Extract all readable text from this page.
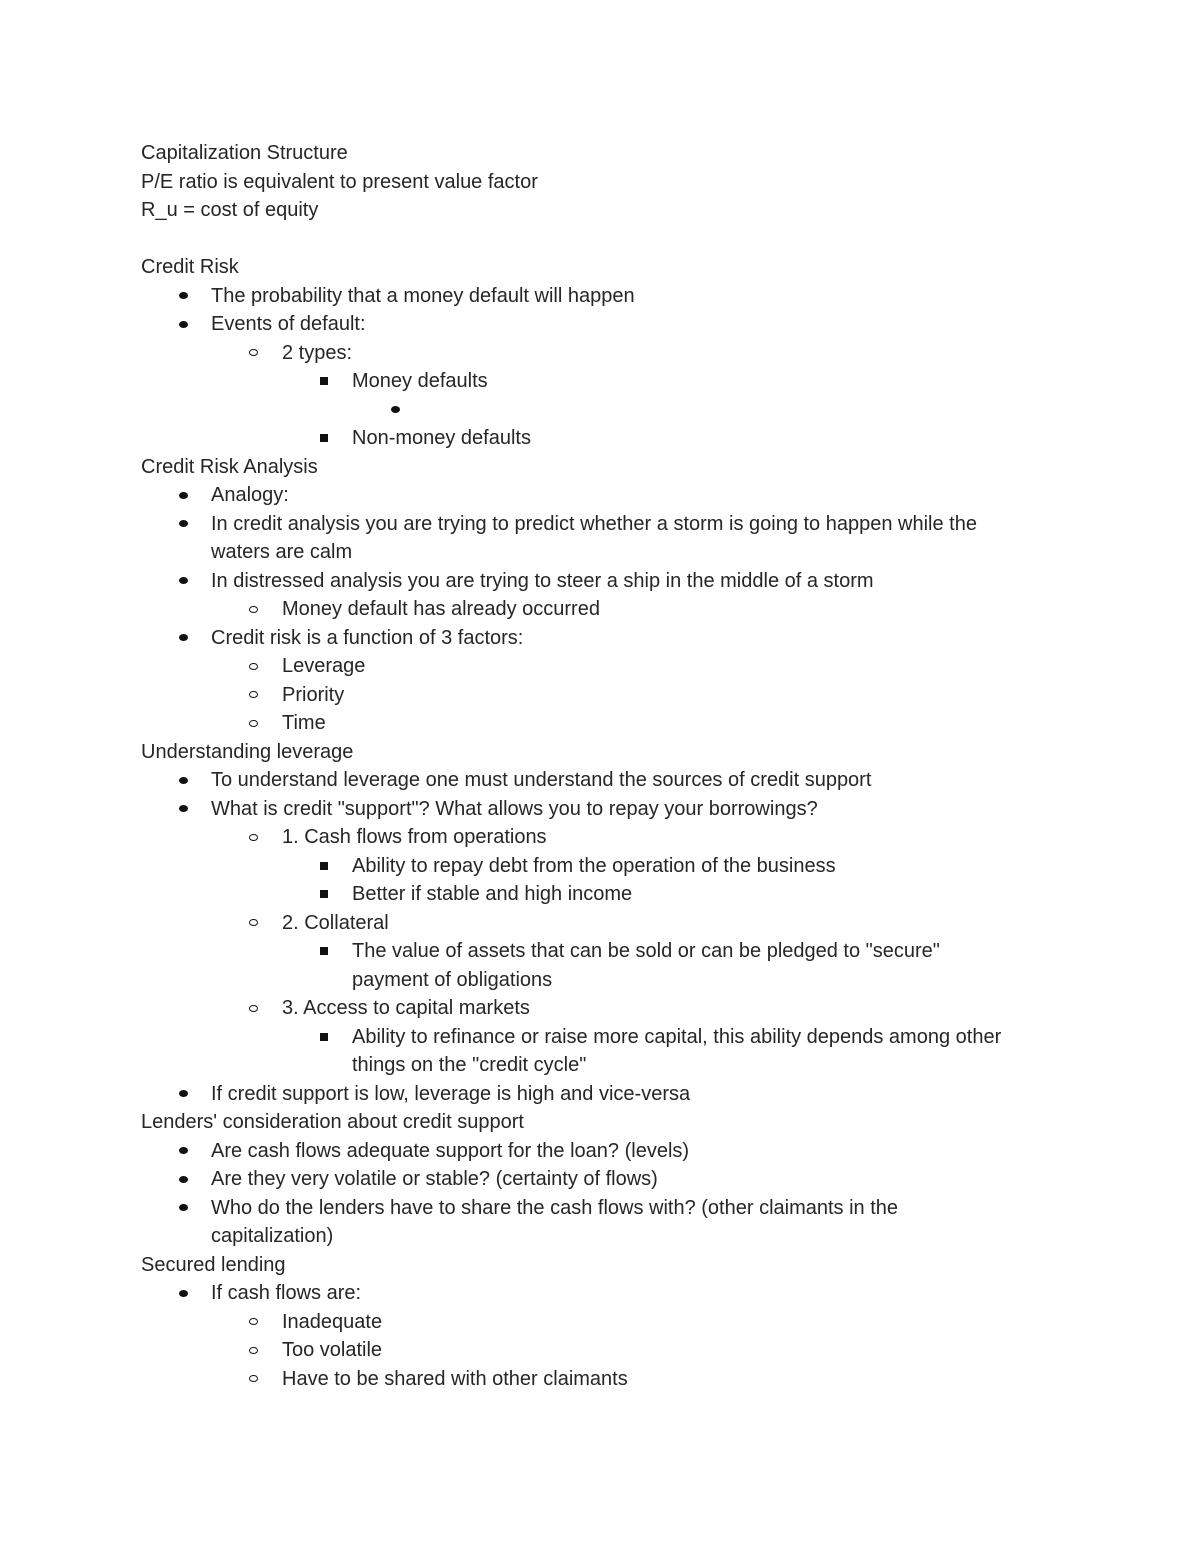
Capitalization Structure
P/E ratio is equivalent to present value factor
R_u = cost of equity
Credit Risk
The probability that a money default will happen
Events of default:
2 types:
Money defaults

Non-money defaults
Credit Risk Analysis
Analogy:
In credit analysis you are trying to predict whether a storm is going to happen while the
waters are calm
In distressed analysis you are trying to steer a ship in the middle of a storm
Money default has already occurred
Credit risk is a function of 3 factors:
Leverage
Priority
Time
Understanding leverage
To understand leverage one must understand the sources of credit support
What is credit "support"? What allows you to repay your borrowings?
1. Cash flows from operations
Ability to repay debt from the operation of the business
Better if stable and high income
2. Collateral
The value of assets that can be sold or can be pledged to "secure"
payment of obligations
3. Access to capital markets
Ability to refinance or raise more capital, this ability depends among other
things on the "credit cycle"
If credit support is low, leverage is high and vice-versa
Lenders' consideration about credit support
Are cash flows adequate support for the loan? (levels)
Are they very volatile or stable? (certainty of flows)
Who do the lenders have to share the cash flows with? (other claimants in the
capitalization)
Secured lending
If cash flows are:
Inadequate
Too volatile
Have to be shared with other claimants
